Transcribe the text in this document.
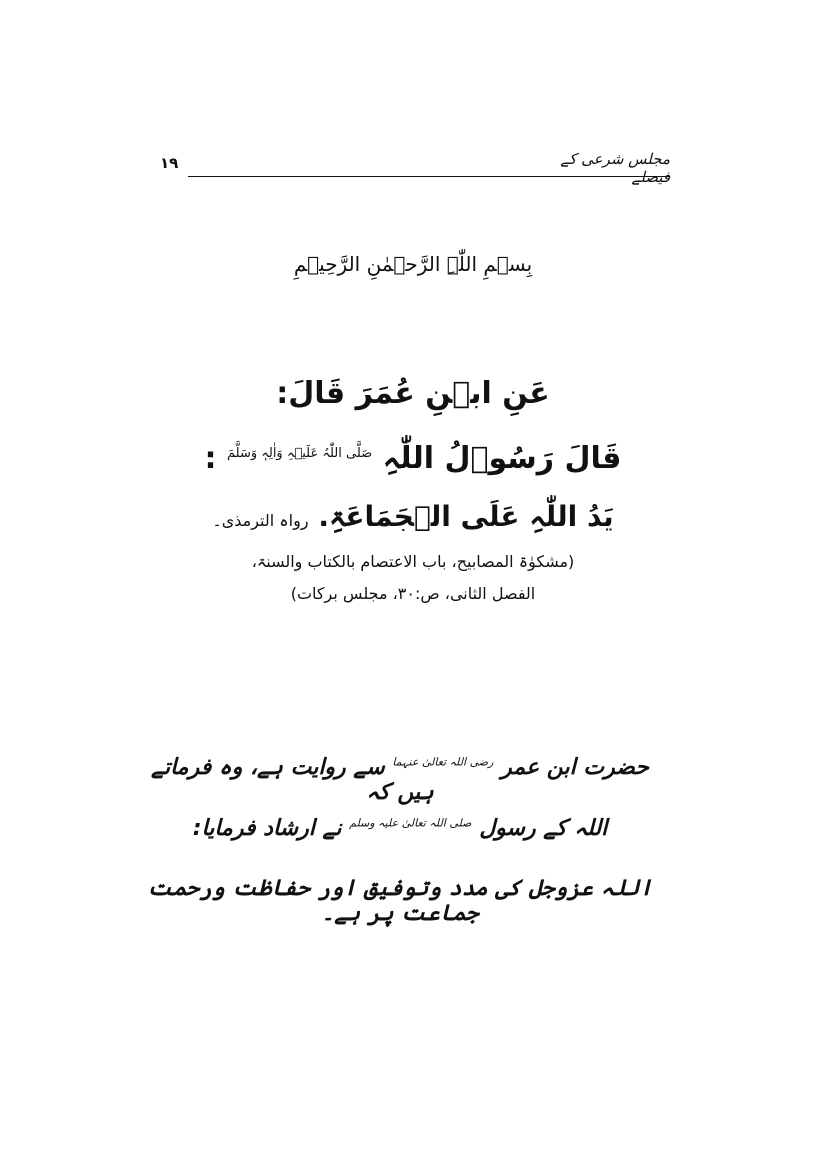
۱۹	مجلس شرعی کے فیصلے
بِسۡمِ اللّٰہِ الرَّحۡمٰنِ الرَّحِیۡمِ
عَنِ ابۡنِ عُمَرَ قَالَ:
قَالَ رَسُوۡلُ اللّٰہِ $^{صَلَّی اللّٰہُ عَلَیۡہِ وَاٰلِہٖ وَسَلَّمَ}$ :
یَدُ اللّٰہِ عَلَی الۡجَمَاعَۃِ. رواہ الترمذی۔
(مشکوٰۃ المصابیح، باب الاعتصام بالکتاب والسنۃ،
الفصل الثانی، ص:۳۰، مجلس برکات)
حضرت ابن عمر $^{رضی اللہ تعالیٰ عنہما}$ سے روایت ہے، وہ فرماتے ہیں کہ
اللہ کے رسول $^{صلی اللہ تعالیٰ علیہ وسلم}$ نے ارشاد فرمایا:
اللہ عزوجل کی مدد وتوفیق اور حفاظت ورحمت جماعت پر ہے۔
